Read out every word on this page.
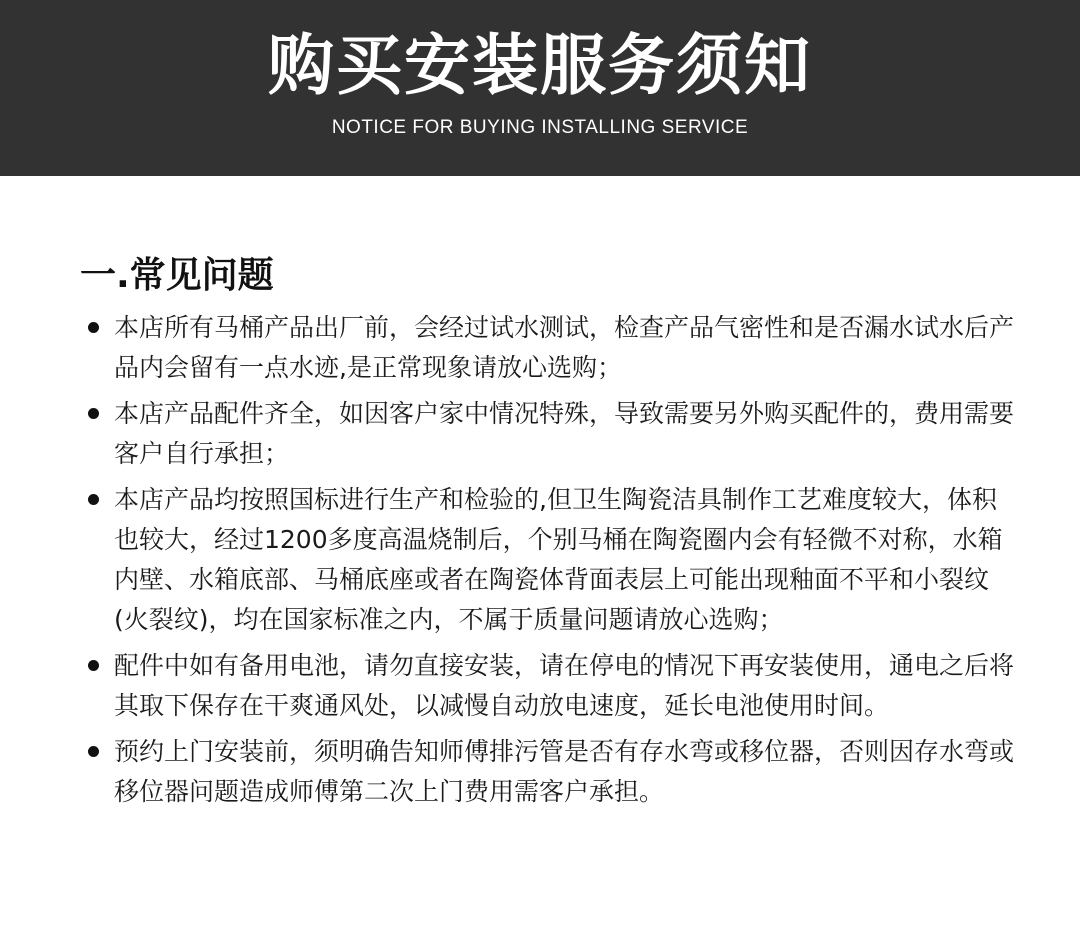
购买安装服务须知
NOTICE FOR BUYING INSTALLING SERVICE
一.常见问题
本店所有马桶产品出厂前，会经过试水测试，检查产品气密性和是否漏水试水后产品内会留有一点水迹,是正常现象请放心选购；
本店产品配件齐全，如因客户家中情况特殊，导致需要另外购买配件的，费用需要客户自行承担；
本店产品均按照国标进行生产和检验的,但卫生陶瓷洁具制作工艺难度较大，体积也较大，经过1200多度高温烧制后，个别马桶在陶瓷圈内会有轻微不对称，水箱内壁、水箱底部、马桶底座或者在陶瓷体背面表层上可能出现釉面不平和小裂纹(火裂纹)，均在国家标准之内，不属于质量问题请放心选购；
配件中如有备用电池，请勿直接安装，请在停电的情况下再安装使用，通电之后将其取下保存在干爽通风处，以减慢自动放电速度，延长电池使用时间。
预约上门安装前，须明确告知师傅排污管是否有存水弯或移位器，否则因存水弯或移位器问题造成师傅第二次上门费用需客户承担。
